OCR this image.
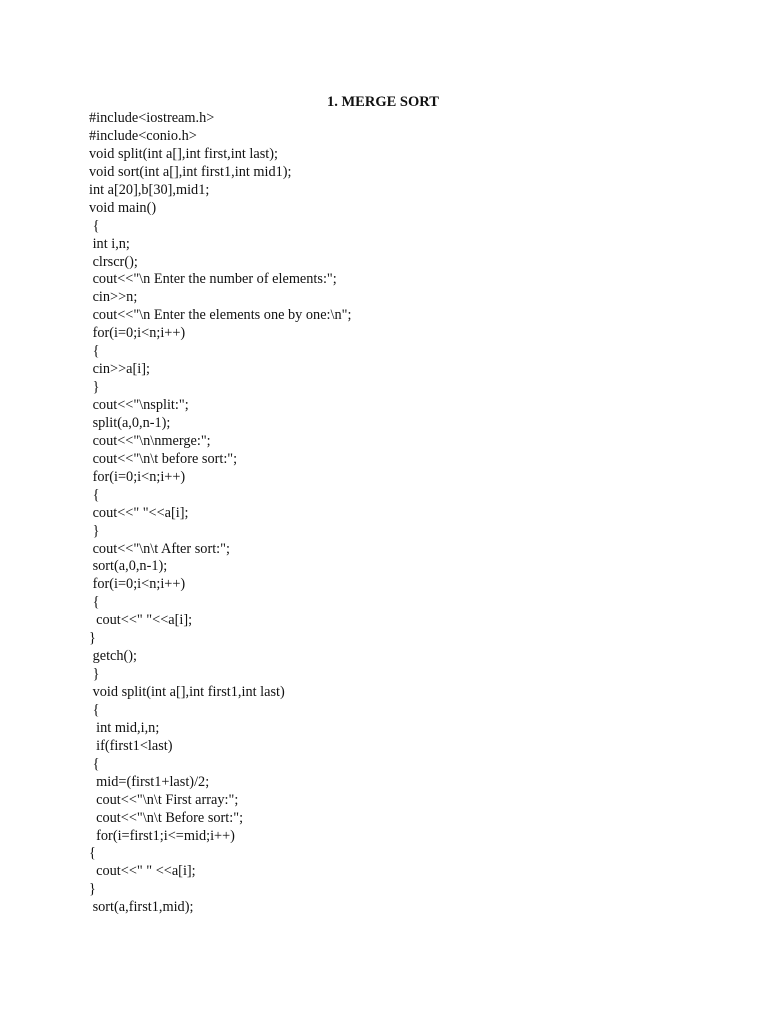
1. MERGE SORT
#include<iostream.h>
#include<conio.h>
void split(int a[],int first,int last);
void sort(int a[],int first1,int mid1);
int a[20],b[30],mid1;
void main()
{
int i,n;
clrscr();
cout<<"\n Enter the number of elements:";
cin>>n;
cout<<"\n Enter the elements one by one:\n";
for(i=0;i<n;i++)
{
cin>>a[i];
}
cout<<"\nsplit:";
split(a,0,n-1);
cout<<"\n\nmerge:";
cout<<"\n\t before sort:";
for(i=0;i<n;i++)
{
cout<<" "<<a[i];
}
cout<<"\n\t After sort:";
sort(a,0,n-1);
for(i=0;i<n;i++)
{
cout<<" "<<a[i];
}
getch();
}
void split(int a[],int first1,int last)
{
int mid,i,n;
if(first1<last)
{
mid=(first1+last)/2;
cout<<"\n\t First array:";
cout<<"\n\t Before sort:";
for(i=first1;i<=mid;i++)
{
cout<<" " <<a[i];
}
sort(a,first1,mid);
